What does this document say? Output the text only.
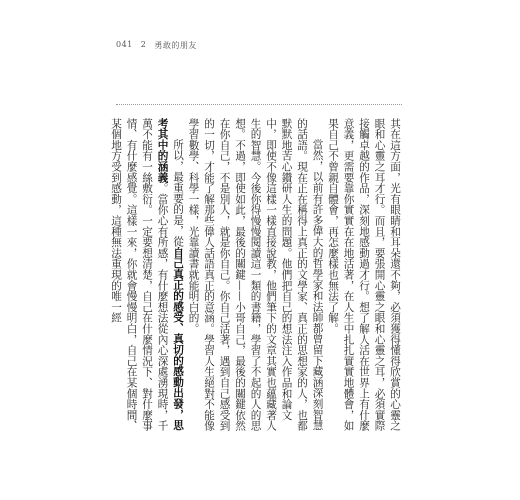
041 2 勇敢的朋友

其在這方面，光有眼睛和耳朵還不夠，必須獲得懂得欣賞的心靈之眼和心靈之耳才行。而且，要張開心靈之眼和心靈之耳，必須實際接觸卓越的作品，深刻地感動過才行。想了解人活在世界上有什麼意義，更需要靠你實實在在地活著，在人生中扎扎實實地體會，如果自己不曾親自體會，再怎麼樣也無法了解。

當然，以前有許多偉大的哲學家和法師都曾留下藏涵深刻智慧的話語。現在正在稱得上真正的文學家、真正的思想家的人，也都默默地苦心鑽研人生的問題。他們把自己的想法注入作品和論文中，即使不像這樣一樣直接說教，他們筆下的文章其實也蘊藏著人生的智慧。今後你得慢慢閱讀這一類的書籍，學習了不起的人的思想。不過，即使如此，最後的關鍵——小哥自己，最後的關鍵依然在你自己，不是別人，就是你自己。你自己活著，遇到自己感受到的一切，才能了解那些偉人話語真正的意涵。學習人生絕對不能像學習數學、科學一樣，光靠讀書就能明白的。

所以，最重要的是，從自己真正的感受、真切的感動出發，思考其中的涵義。當你心有所感，有什麼想法從內心深處湧現時，千萬不能有一絲敷衍。一定要想清楚，自己在什麼情況下、對什麼事情、有什麼感覺。這樣一來，你就會慢慢明白，自己在某個時間、某個地方受到感動，這種無法重現的唯一經
